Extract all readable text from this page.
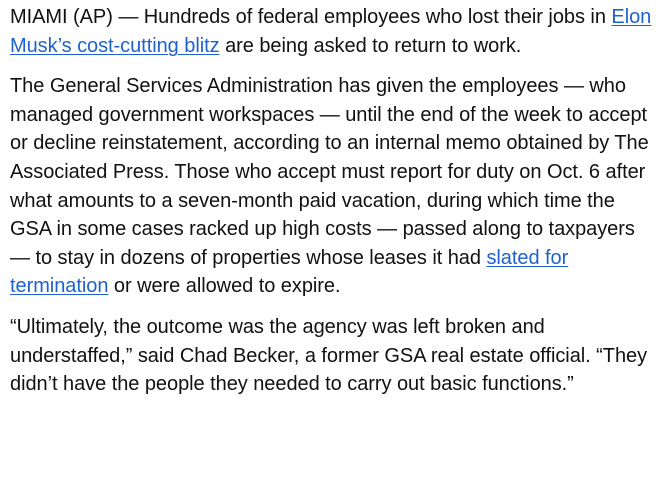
MIAMI (AP) — Hundreds of federal employees who lost their jobs in Elon Musk’s cost-cutting blitz are being asked to return to work.

The General Services Administration has given the employees — who managed government workspaces — until the end of the week to accept or decline reinstatement, according to an internal memo obtained by The Associated Press. Those who accept must report for duty on Oct. 6 after what amounts to a seven-month paid vacation, during which time the GSA in some cases racked up high costs — passed along to taxpayers — to stay in dozens of properties whose leases it had slated for termination or were allowed to expire.

“Ultimately, the outcome was the agency was left broken and understaffed,” said Chad Becker, a former GSA real estate official. “They didn’t have the people they needed to carry out basic functions.”
